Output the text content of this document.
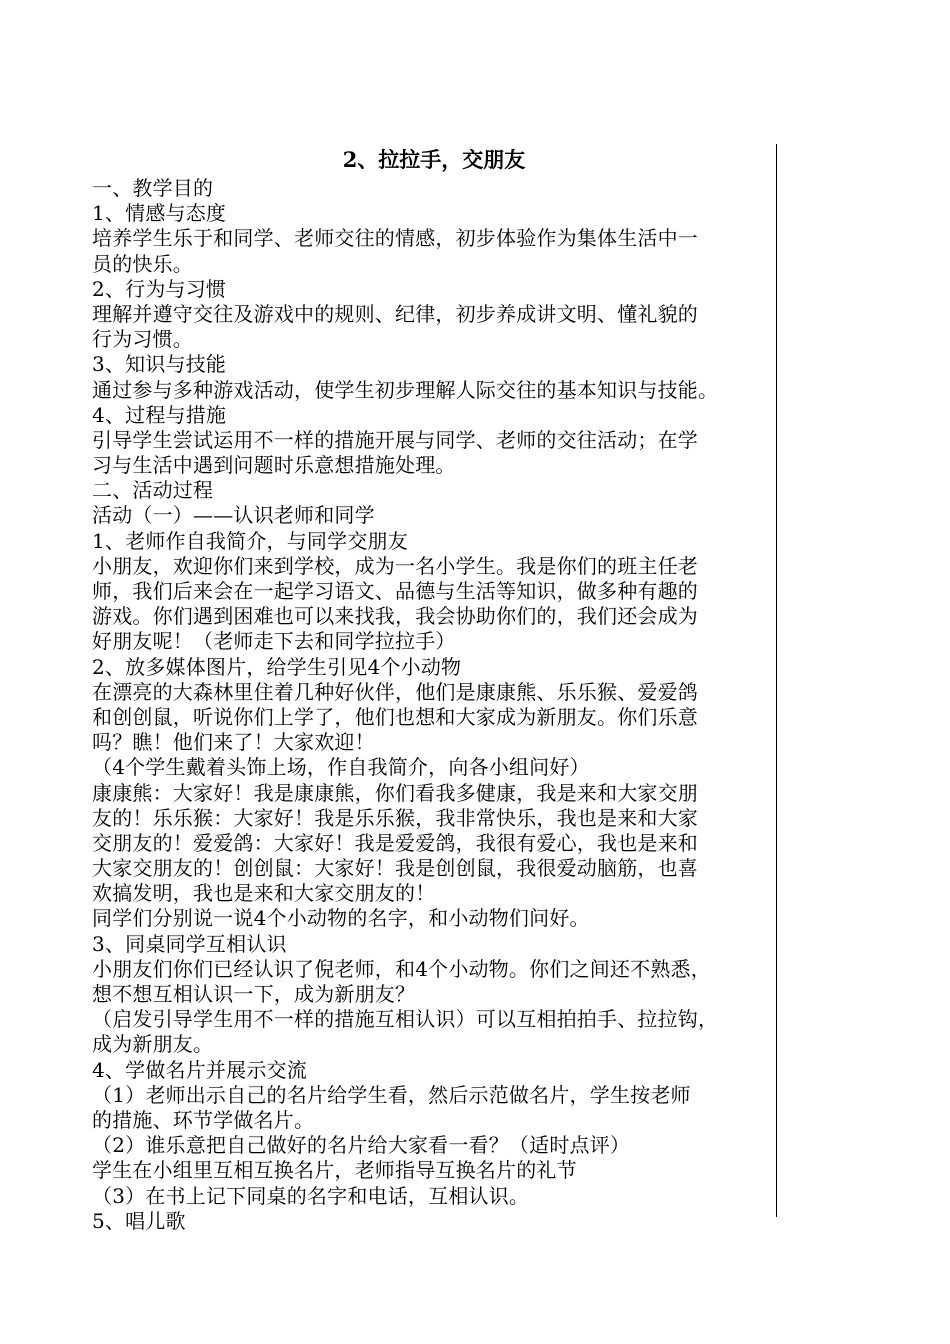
2、拉拉手，交朋友
一、教学目的
1、情感与态度
培养学生乐于和同学、老师交往的情感，初步体验作为集体生活中一
员的快乐。
2、行为与习惯
理解并遵守交往及游戏中的规则、纪律，初步养成讲文明、懂礼貌的
行为习惯。
3、知识与技能
通过参与多种游戏活动，使学生初步理解人际交往的基本知识与技能。
4、过程与措施
引导学生尝试运用不一样的措施开展与同学、老师的交往活动；在学
习与生活中遇到问题时乐意想措施处理。
二、活动过程
活动（一）——认识老师和同学
1、老师作自我简介，与同学交朋友
小朋友，欢迎你们来到学校，成为一名小学生。我是你们的班主任老
师，我们后来会在一起学习语文、品德与生活等知识，做多种有趣的
游戏。你们遇到困难也可以来找我，我会协助你们的，我们还会成为
好朋友呢！（老师走下去和同学拉拉手）
2、放多媒体图片，给学生引见4个小动物
在漂亮的大森林里住着几种好伙伴，他们是康康熊、乐乐猴、爱爱鸽
和创创鼠，听说你们上学了，他们也想和大家成为新朋友。你们乐意
吗？瞧！他们来了！大家欢迎！
（4个学生戴着头饰上场，作自我简介，向各小组问好）
康康熊：大家好！我是康康熊，你们看我多健康，我是来和大家交朋
友的！乐乐猴：大家好！我是乐乐猴，我非常快乐，我也是来和大家
交朋友的！爱爱鸽：大家好！我是爱爱鸽，我很有爱心，我也是来和
大家交朋友的！创创鼠：大家好！我是创创鼠，我很爱动脑筋，也喜
欢搞发明，我也是来和大家交朋友的！
同学们分别说一说4个小动物的名字，和小动物们问好。
3、同桌同学互相认识
小朋友们你们已经认识了倪老师，和4个小动物。你们之间还不熟悉，
想不想互相认识一下，成为新朋友？
（启发引导学生用不一样的措施互相认识）可以互相拍拍手、拉拉钩，
成为新朋友。
4、学做名片并展示交流
（1）老师出示自己的名片给学生看，然后示范做名片，学生按老师
的措施、环节学做名片。
（2）谁乐意把自己做好的名片给大家看一看？（适时点评）
学生在小组里互相互换名片，老师指导互换名片的礼节
（3）在书上记下同桌的名字和电话，互相认识。
5、唱儿歌
